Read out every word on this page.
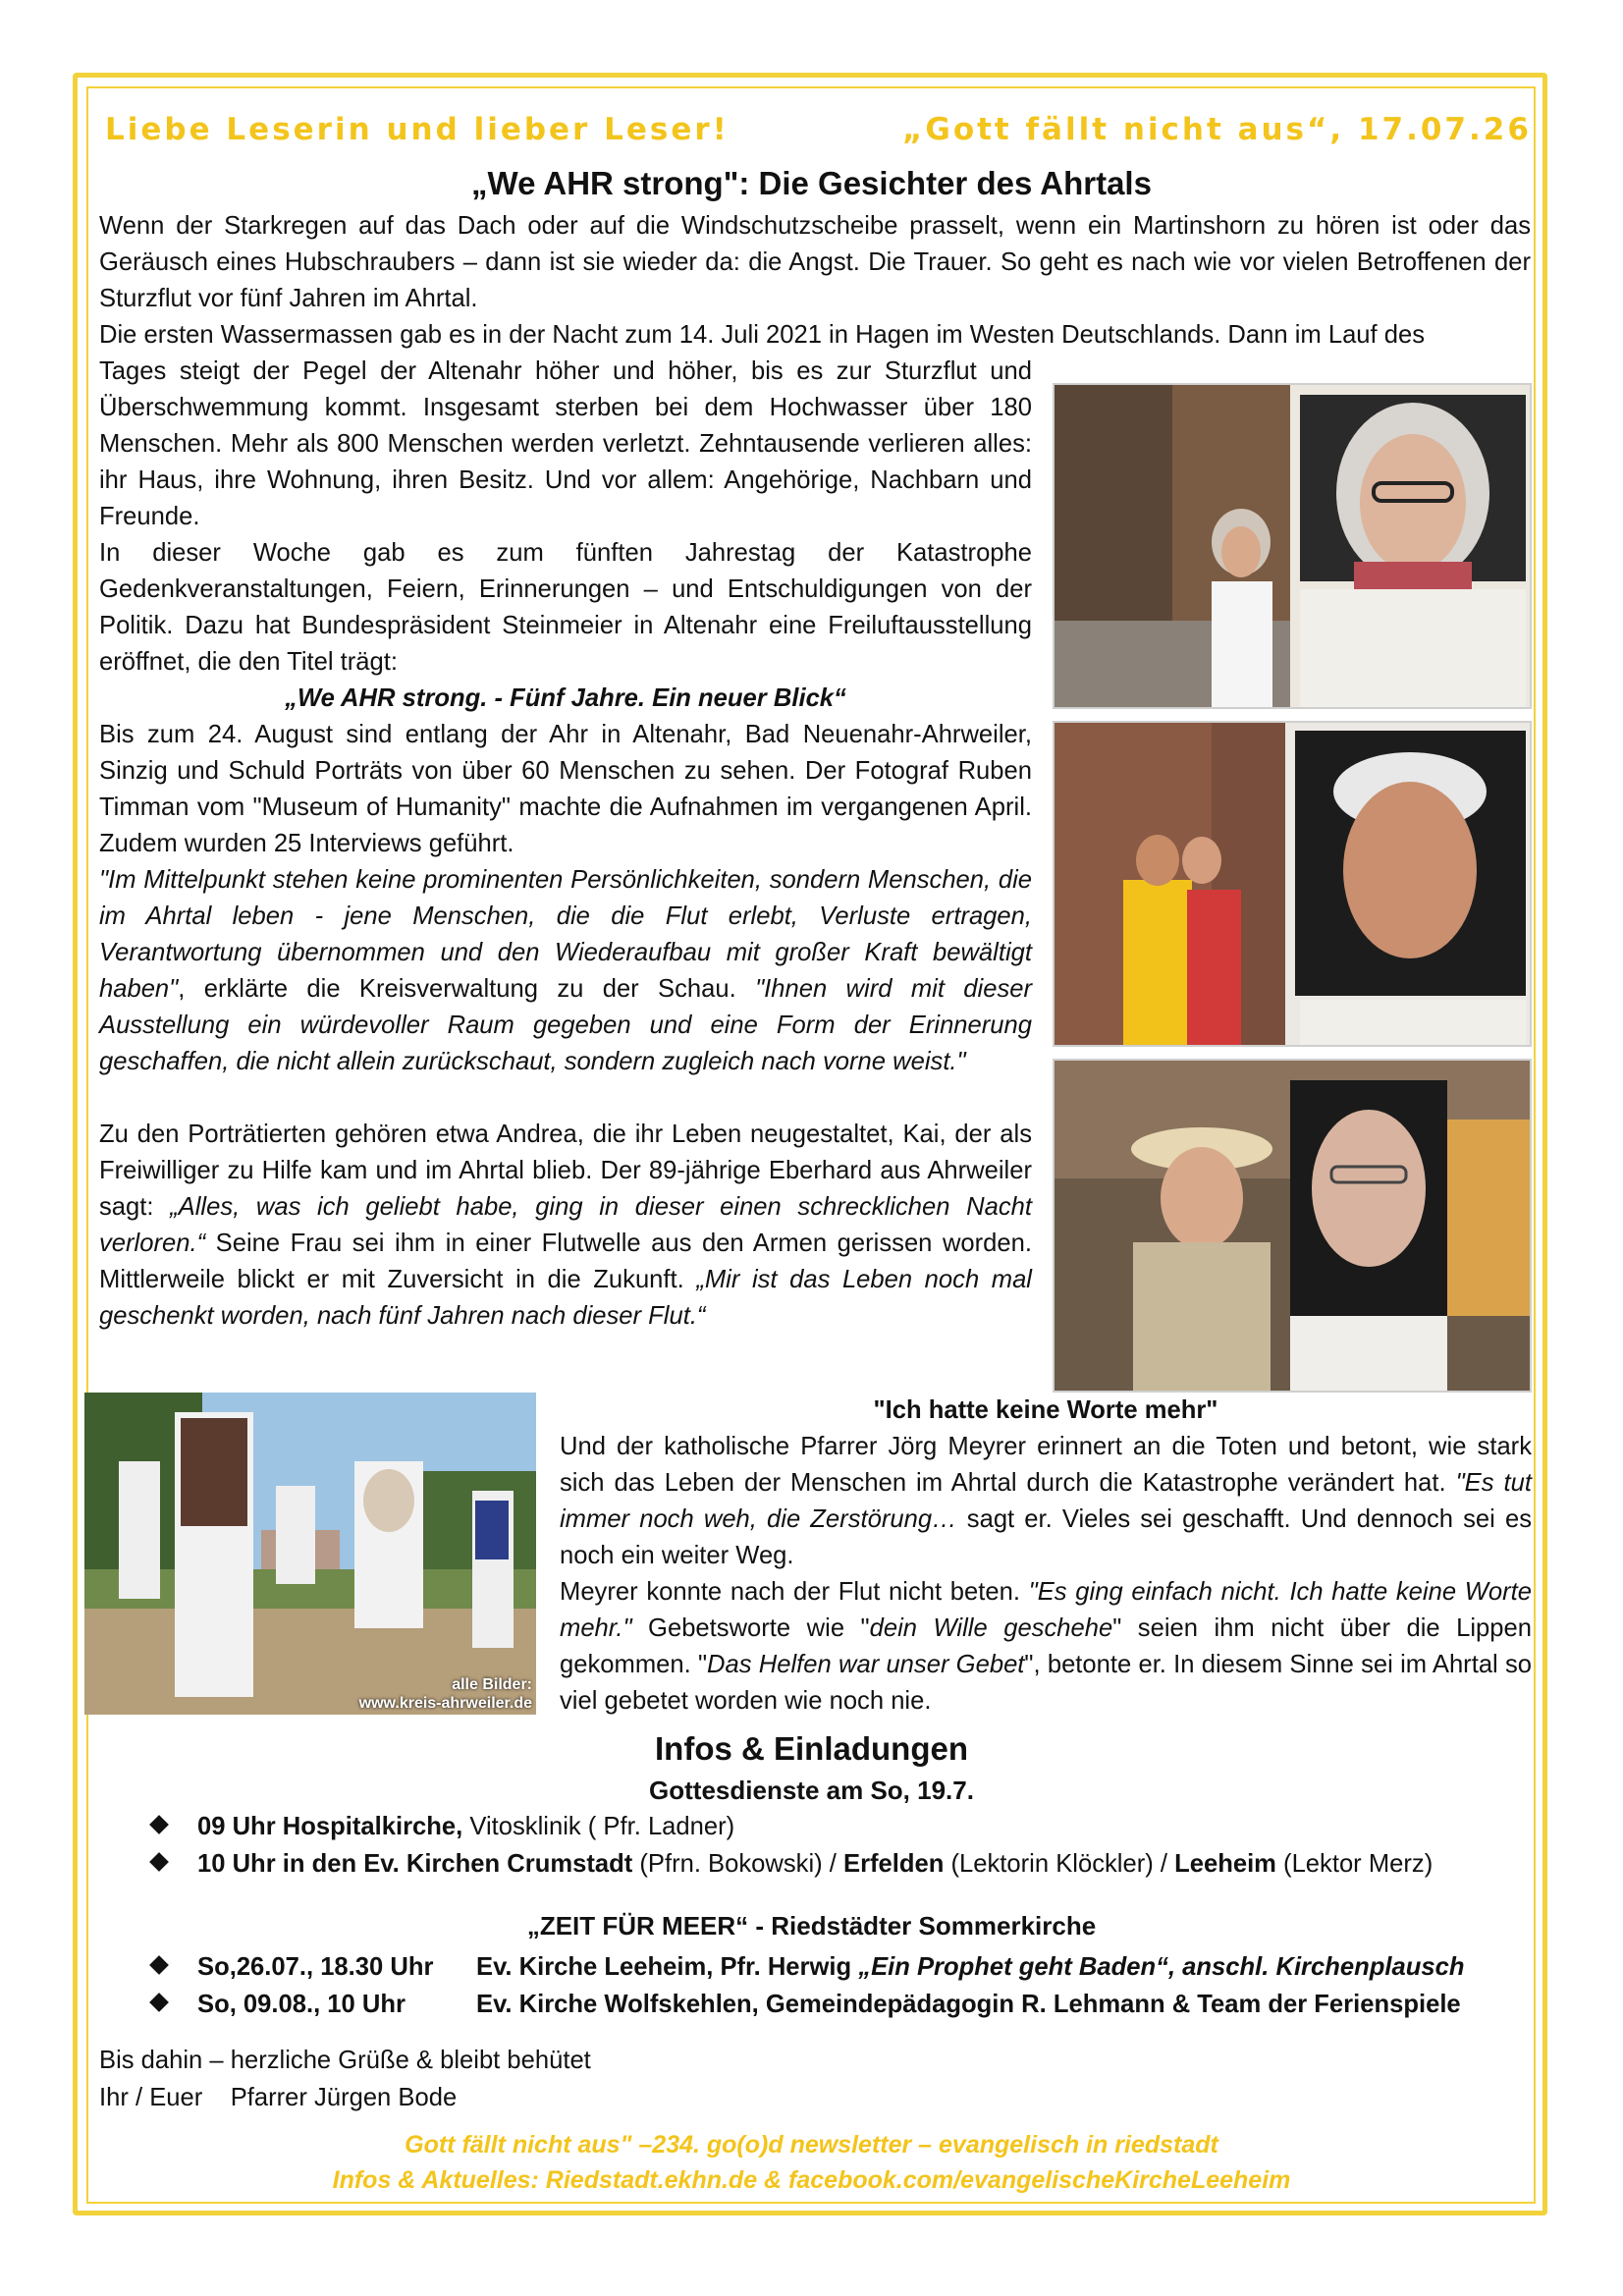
Liebe Leserin und lieber Leser!	„Gott fällt nicht aus“, 17.07.26
„We AHR strong": Die Gesichter des Ahrtals

Wenn der Starkregen auf das Dach oder auf die Windschutzscheibe prasselt, wenn ein Martinshorn zu hören ist oder das Geräusch eines Hubschraubers – dann ist sie wieder da: die Angst. Die Trauer. So geht es nach wie vor vielen Betroffenen der Sturzflut vor fünf Jahren im Ahrtal.

Die ersten Wassermassen gab es in der Nacht zum 14. Juli 2021 in Hagen im Westen Deutschlands. Dann im Lauf des

Tages steigt der Pegel der Altenahr höher und höher, bis es zur Sturzflut und Überschwemmung kommt. Insgesamt sterben bei dem Hochwasser über 180 Menschen. Mehr als 800 Menschen werden verletzt. Zehntausende verlieren alles: ihr Haus, ihre Wohnung, ihren Besitz. Und vor allem: Angehörige, Nachbarn und Freunde.

In dieser Woche gab es zum fünften Jahrestag der Katastrophe Gedenkveranstaltungen, Feiern, Erinnerungen – und Entschuldigungen von der Politik. Dazu hat Bundespräsident Steinmeier in Altenahr eine Freiluftausstellung eröffnet, die den Titel trägt:

„We AHR strong. - Fünf Jahre. Ein neuer Blick“

Bis zum 24. August sind entlang der Ahr in Altenahr, Bad Neuenahr-Ahrweiler, Sinzig und Schuld Porträts von über 60 Menschen zu sehen. Der Fotograf Ruben Timman vom "Museum of Humanity" machte die Aufnahmen im vergangenen April. Zudem wurden 25 Interviews geführt.

"Im Mittelpunkt stehen keine prominenten Persönlichkeiten, sondern Menschen, die im Ahrtal leben - jene Menschen, die die Flut erlebt, Verluste ertragen, Verantwortung übernommen und den Wiederaufbau mit großer Kraft bewältigt haben", erklärte die Kreisverwaltung zu der Schau. "Ihnen wird mit dieser Ausstellung ein würdevoller Raum gegeben und eine Form der Erinnerung geschaffen, die nicht allein zurückschaut, sondern zugleich nach vorne weist."

Zu den Porträtierten gehören etwa Andrea, die ihr Leben neugestaltet, Kai, der als Freiwilliger zu Hilfe kam und im Ahrtal blieb. Der 89-jährige Eberhard aus Ahrweiler sagt: „Alles, was ich geliebt habe, ging in dieser einen schrecklichen Nacht verloren.“ Seine Frau sei ihm in einer Flutwelle aus den Armen gerissen worden. Mittlerweile blickt er mit Zuversicht in die Zukunft. „Mir ist das Leben noch mal geschenkt worden, nach fünf Jahren nach dieser Flut.“

alle Bilder:
www.kreis-ahrweiler.de
"Ich hatte keine Worte mehr"

Und der katholische Pfarrer Jörg Meyrer erinnert an die Toten und betont, wie stark sich das Leben der Menschen im Ahrtal durch die Katastrophe verändert hat. "Es tut immer noch weh, die Zerstörung… sagt er. Vieles sei geschafft. Und dennoch sei es noch ein weiter Weg.

Meyrer konnte nach der Flut nicht beten. "Es ging einfach nicht. Ich hatte keine Worte mehr." Gebetsworte wie "dein Wille geschehe" seien ihm nicht über die Lippen gekommen. "Das Helfen war unser Gebet", betonte er. In diesem Sinne sei im Ahrtal so viel gebetet worden wie noch nie.

Infos & Einladungen
Gottesdienste am So, 19.7.
09 Uhr Hospitalkirche, Vitosklinik ( Pfr. Ladner)
10 Uhr in den Ev. Kirchen Crumstadt (Pfrn. Bokowski) / Erfelden (Lektorin Klöckler) / Leeheim (Lektor Merz)
„ZEIT FÜR MEER“ - Riedstädter Sommerkirche
So,26.07., 18.30 Uhr Ev. Kirche Leeheim, Pfr. Herwig „Ein Prophet geht Baden“, anschl. Kirchenplausch
So, 09.08., 10 Uhr	Ev. Kirche Wolfskehlen, Gemeindepädagogin R. Lehmann & Team der Ferienspiele
Bis dahin – herzliche Grüße & bleibt behütet
Ihr / Euer    Pfarrer Jürgen Bode
Gott fällt nicht aus" –234. go(o)d newsletter – evangelisch in riedstadt
Infos & Aktuelles: Riedstadt.ekhn.de & facebook.com/evangelischeKircheLeeheim
